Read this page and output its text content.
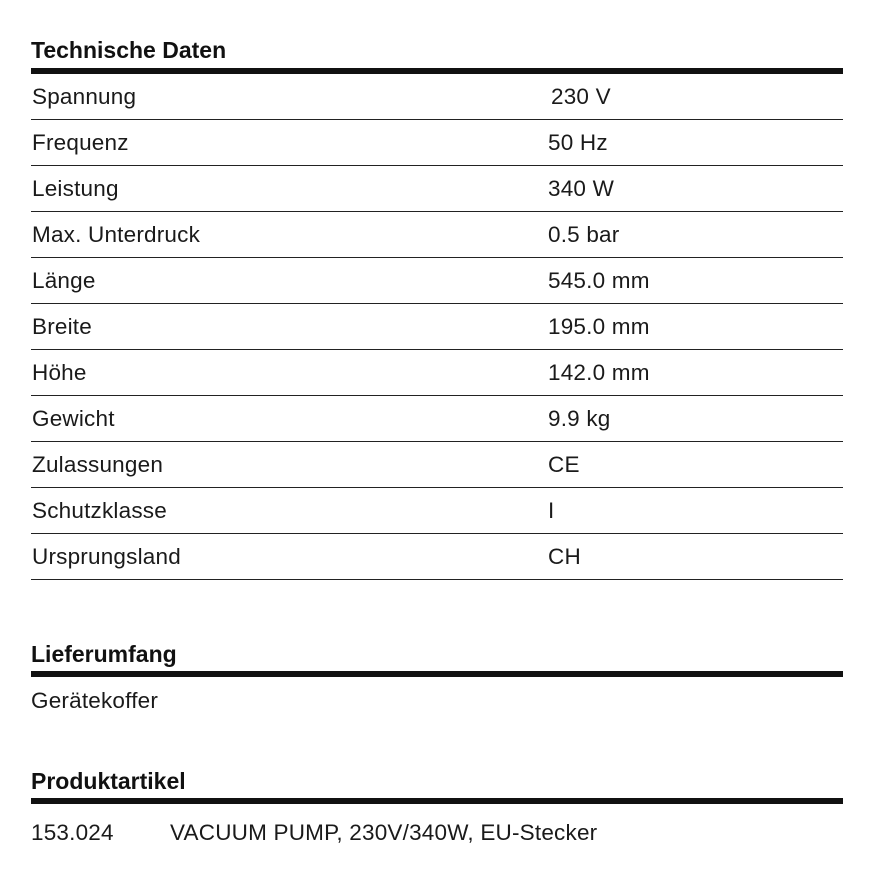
Technische Daten
Spannung	230 V
Frequenz	50 Hz
Leistung	340 W
Max. Unterdruck	0.5 bar
Länge	545.0 mm
Breite	195.0 mm
Höhe	142.0 mm
Gewicht	9.9 kg
Zulassungen	CE
Schutzklasse	I
Ursprungsland	CH
Lieferumfang
Gerätekoffer
Produktartikel
153.024	VACUUM PUMP, 230V/340W, EU-Stecker
